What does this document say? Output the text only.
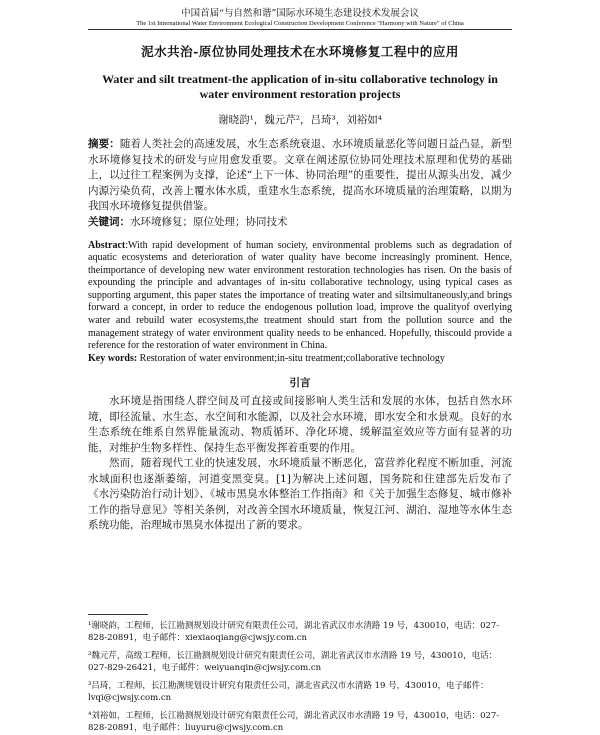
中国首届“与自然和谐”国际水环境生态建设技术发展会议
The 1st International Water Environment Ecological Construction Development Conference "Harmony with Nature" of China
泥水共治-原位协同处理技术在水环境修复工程中的应用
Water and silt treatment-the application of in-situ collaborative technology in water environment restoration projects
谢晓韵¹，魏元芹²，吕琦³，刘裕如⁴
摘要：随着人类社会的高速发展，水生态系统衰退、水环境质量恶化等问题日益凸显，新型水环境修复技术的研发与应用愈发重要。文章在阐述原位协同处理技术原理和优势的基础上，以过往工程案例为支撑，论述“上下一体、协同治理”的重要性，提出从源头出发，减少内源污染负荷，改善上覆水体水质，重建水生态系统，提高水环境质量的治理策略，以期为我国水环境修复提供借鉴。
关键词：水环境修复；原位处理；协同技术
Abstract:With rapid development of human society, environmental problems such as degradation of aquatic ecosystems and deterioration of water quality have become increasingly prominent. Hence, theimportance of developing new water environment restoration technologies has risen. On the basis of expounding the principle and advantages of in-situ collaborative technology, using typical cases as supporting argument, this paper states the importance of treating water and siltsimultaneously,and brings forward a concept, in order to reduce the endogenous pollution load, improve the qualityof overlying water and rebuild water ecosystems,the treatment should start from the pollution source and the management strategy of water environment quality needs to be enhanced. Hopefully, thiscould provide a reference for the restoration of water environment in China.
Key words: Restoration of water environment;in-situ treatment;collaborative technology
引言
水环境是指围绕人群空间及可直接或间接影响人类生活和发展的水体，包括自然水环境，即径流量、水生态、水空间和水能源，以及社会水环境，即水安全和水景观。良好的水生态系统在维系自然界能量流动、物质循环、净化环境、缓解温室效应等方面有显著的功能，对维护生物多样性、保持生态平衡发挥着重要的作用。
然而，随着现代工业的快速发展，水环境质量不断恶化，富营养化程度不断加重，河流水域面积也逐渐萎缩，河道变黑变臭。[1]为解决上述问题，国务院和住建部先后发布了《水污染防治行动计划》、《城市黑臭水体整治工作指南》和《关于加强生态修复、城市修补工作的指导意见》等相关条例，对改善全国水环境质量，恢复江河、湖泊、湿地等水体生态系统功能，治理城市黑臭水体提出了新的要求。
¹谢晓韵，工程师，长江勘测规划设计研究有限责任公司，湖北省武汉市水清路 19 号，430010，电话：027-828-20891，电子邮件：xiexiaoqiang@cjwsjy.com.cn
²魏元芹，高级工程师，长江勘测规划设计研究有限责任公司，湖北省武汉市水清路 19 号，430010，电话：027-829-26421，电子邮件：weiyuanqin@cjwsjy.com.cn
³吕琦，工程师，长江勘测规划设计研究有限责任公司，湖北省武汉市水清路 19 号，430010，电子邮件：lvqi@cjwsjy.com.cn
⁴刘裕如，工程师，长江勘测规划设计研究有限责任公司，湖北省武汉市水清路 19 号，430010，电话：027-828-20891，电子邮件：liuyuru@cjwsjy.com.cn
